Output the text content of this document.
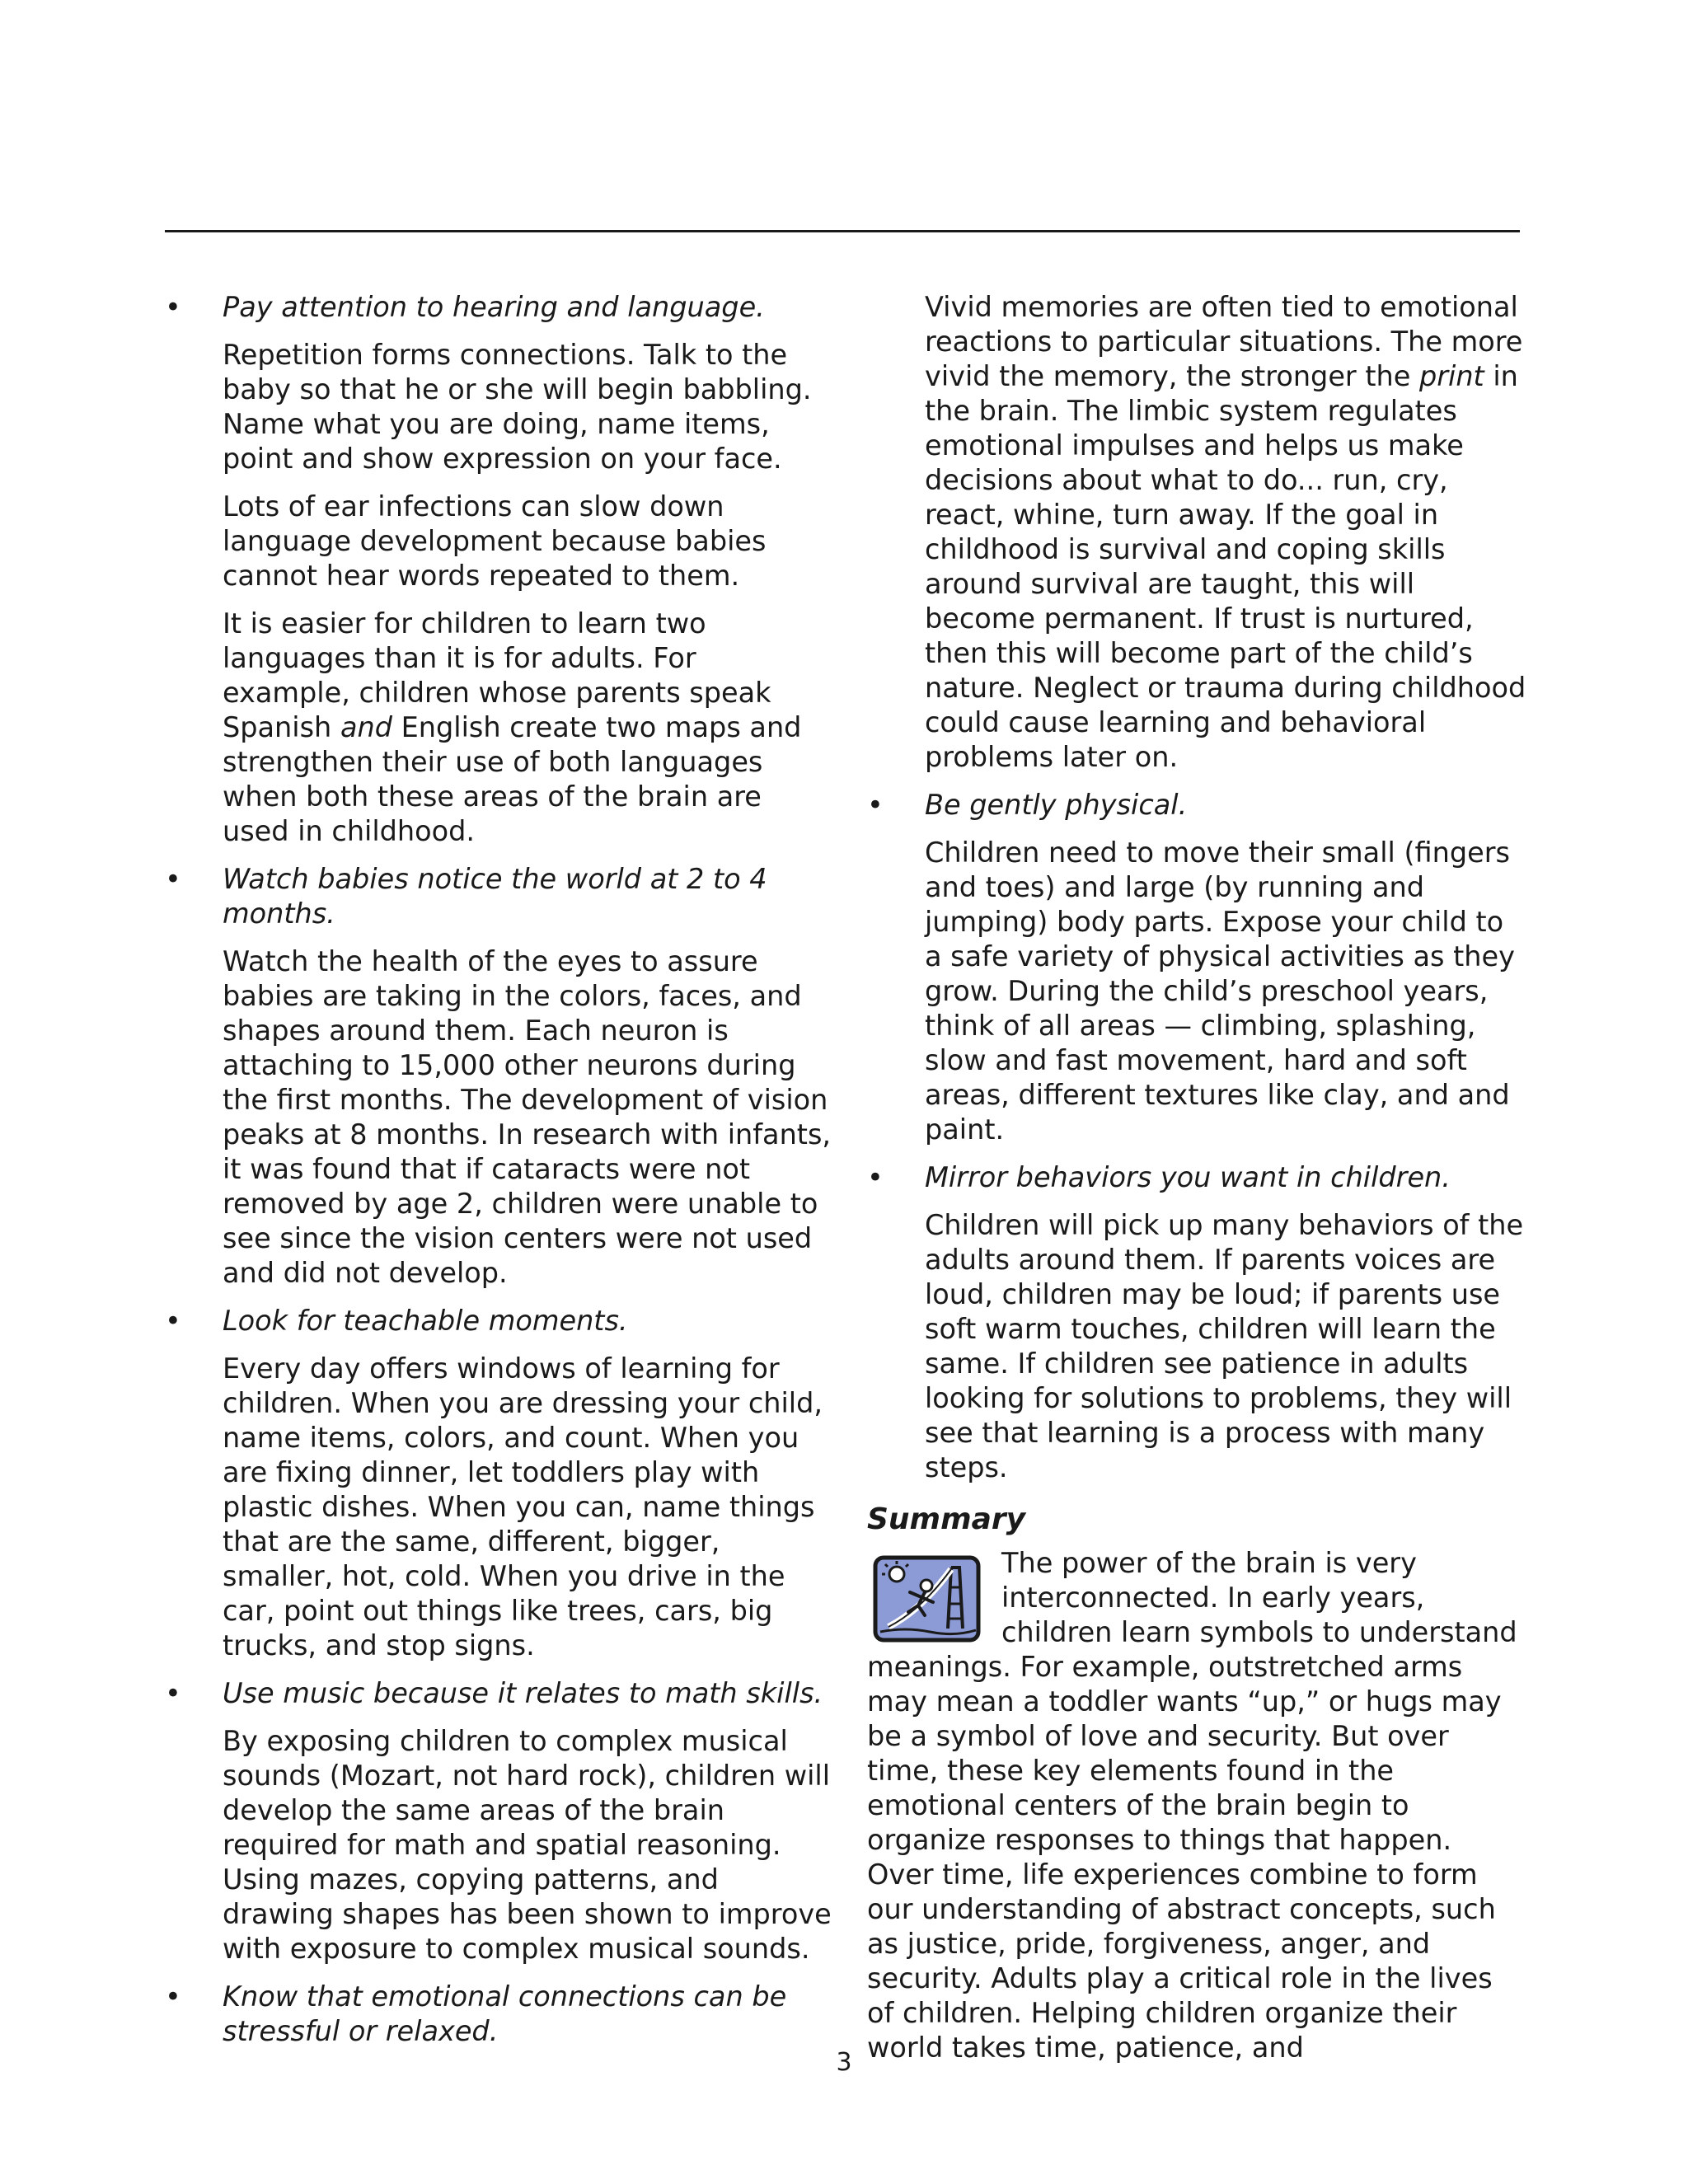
• Pay attention to hearing and language.

Repetition forms connections. Talk to the baby so that he or she will begin babbling. Name what you are doing, name items, point and show expression on your face.

Lots of ear infections can slow down language development because babies cannot hear words repeated to them.

It is easier for children to learn two languages than it is for adults. For example, children whose parents speak Spanish and English create two maps and strengthen their use of both languages when both these areas of the brain are used in childhood.

• Watch babies notice the world at 2 to 4 months.

Watch the health of the eyes to assure babies are taking in the colors, faces, and shapes around them. Each neuron is attaching to 15,000 other neurons during the first months. The development of vision peaks at 8 months. In research with infants, it was found that if cataracts were not removed by age 2, children were unable to see since the vision centers were not used and did not develop.

• Look for teachable moments.

Every day offers windows of learning for children. When you are dressing your child, name items, colors, and count. When you are fixing dinner, let toddlers play with plastic dishes. When you can, name things that are the same, different, bigger, smaller, hot, cold. When you drive in the car, point out things like trees, cars, big trucks, and stop signs.

• Use music because it relates to math skills.

By exposing children to complex musical sounds (Mozart, not hard rock), children will develop the same areas of the brain required for math and spatial reasoning. Using mazes, copying patterns, and drawing shapes has been shown to improve with exposure to complex musical sounds.

• Know that emotional connections can be stressful or relaxed.

Vivid memories are often tied to emotional reactions to particular situations. The more vivid the memory, the stronger the print in the brain. The limbic system regulates emotional impulses and helps us make decisions about what to do... run, cry, react, whine, turn away. If the goal in childhood is survival and coping skills around survival are taught, this will become permanent. If trust is nurtured, then this will become part of the child’s nature. Neglect or trauma during childhood could cause learning and behavioral problems later on.

• Be gently physical.

Children need to move their small (fingers and toes) and large (by running and jumping) body parts. Expose your child to a safe variety of physical activities as they grow. During the child’s preschool years, think of all areas — climbing, splashing, slow and fast movement, hard and soft areas, different textures like clay, and and paint.

• Mirror behaviors you want in children.

Children will pick up many behaviors of the adults around them. If parents voices are loud, children may be loud; if parents use soft warm touches, children will learn the same. If children see patience in adults looking for solutions to problems, they will see that learning is a process with many steps.

Summary

The power of the brain is very interconnected. In early years, children learn symbols to understand meanings. For example, outstretched arms may mean a toddler wants “up,” or hugs may be a symbol of love and security. But over time, these key elements found in the emotional centers of the brain begin to organize responses to things that happen. Over time, life experiences combine to form our understanding of abstract concepts, such as justice, pride, forgiveness, anger, and security. Adults play a critical role in the lives of children. Helping children organize their world takes time, patience, and

3
